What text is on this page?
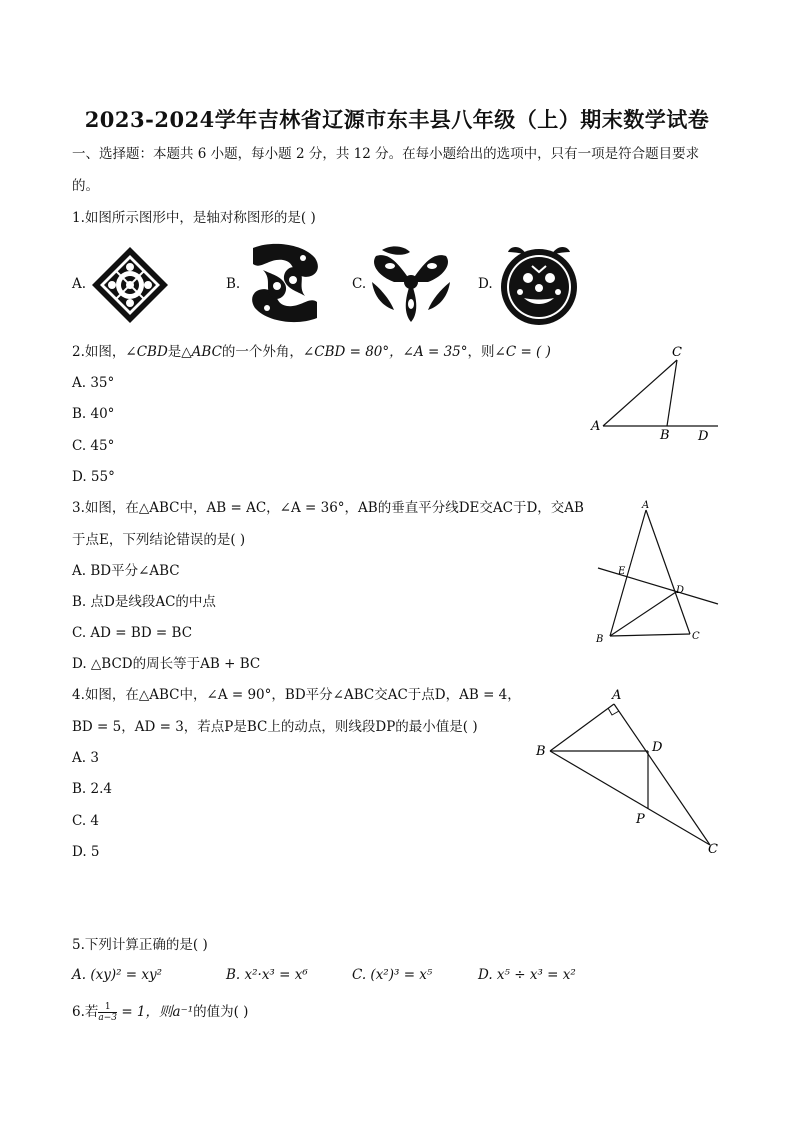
2023-2024学年吉林省辽源市东丰县八年级（上）期末数学试卷
一、选择题：本题共 6 小题，每小题 2 分，共 12 分。在每小题给出的选项中，只有一项是符合题目要求
的。
1.如图所示图形中，是轴对称图形的是( )
A.	B.	C.	D.
2.如图，∠CBD是△ABC的一个外角，∠CBD = 80°，∠A = 35°，则∠C = ( )
A. 35°
B. 40°
C. 45°
D. 55°
A
B
C
D
3.如图，在△ABC中，AB = AC，∠A = 36°，AB的垂直平分线DE交AC于D，交AB
于点E，下列结论错误的是( )
A. BD平分∠ABC
B. 点D是线段AC的中点
C. AD = BD = BC
D. △BCD的周长等于AB + BC
A
B	C
D
E
4.如图，在△ABC中，∠A = 90°，BD平分∠ABC交AC于点D，AB = 4，
BD = 5，AD = 3，若点P是BC上的动点，则线段DP的最小值是( )
A. 3
B. 2.4
C. 4
D. 5
A
B
C
D
P
5.下列计算正确的是( )
A. (xy)² = xy²	B. x²·x³ = x⁶	C. (x²)³ = x⁵	D. x⁵ ÷ x³ = x²
6.若 $\frac{1}{a-3} = 1$，则a⁻¹的值为( )
